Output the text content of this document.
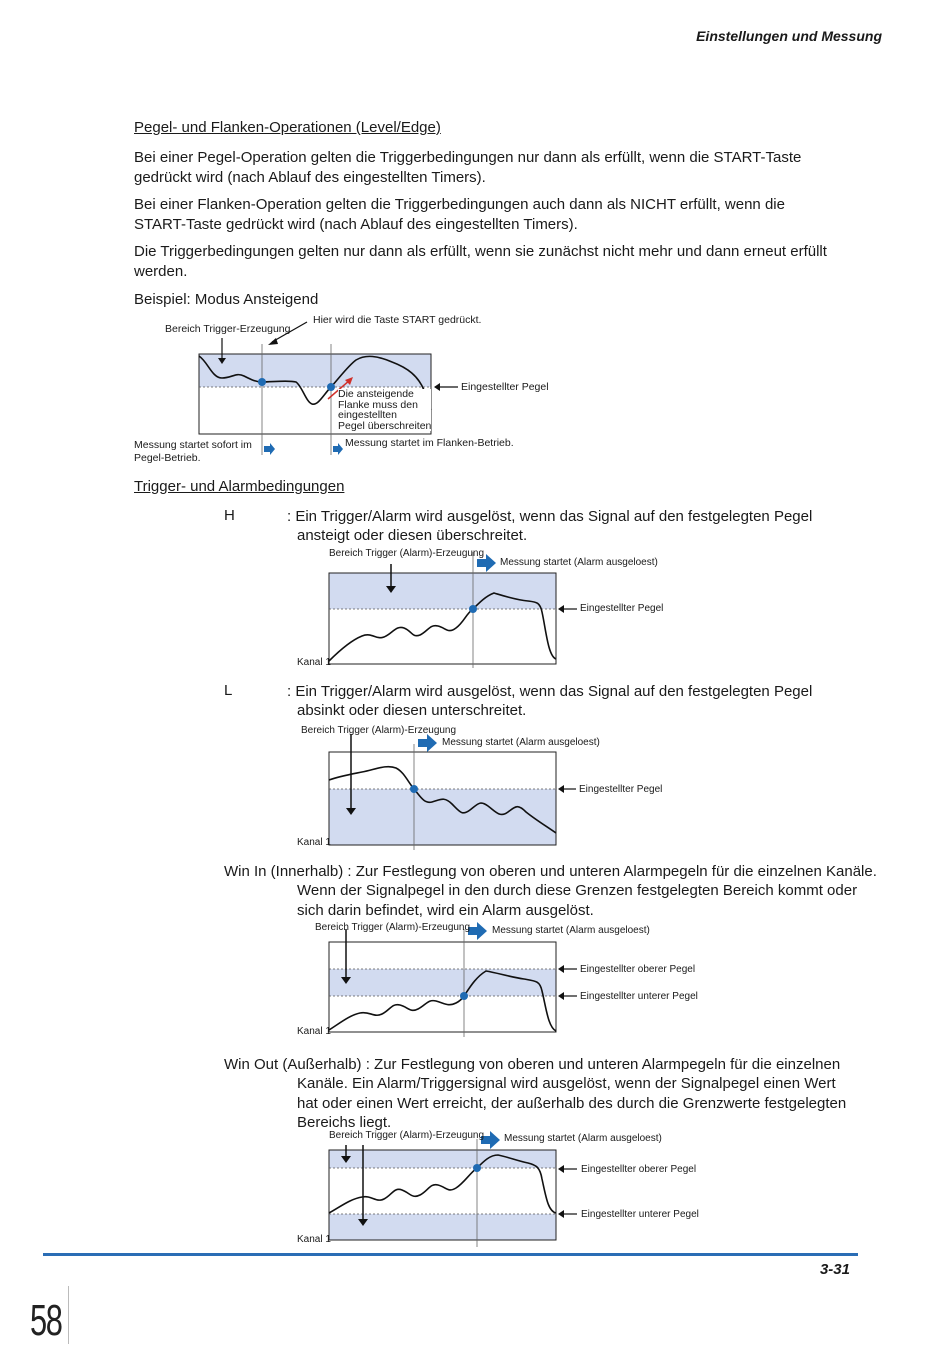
Einstellungen und Messung
Pegel- und Flanken-Operationen (Level/Edge)
Bei einer Pegel-Operation gelten die Triggerbedingungen nur dann als erfüllt, wenn die START-Taste gedrückt wird (nach Ablauf des eingestellten Timers).
Bei einer Flanken-Operation gelten die Triggerbedingungen auch dann als NICHT erfüllt, wenn die START-Taste gedrückt wird (nach Ablauf des eingestellten Timers).
Die Triggerbedingungen gelten nur dann als erfüllt, wenn sie zunächst nicht mehr und dann erneut erfüllt werden.
Beispiel: Modus Ansteigend
Bereich Trigger-Erzeugung
Hier wird die Taste START gedrückt.
Eingestellter Pegel
Die ansteigende
Flanke muss den
eingestellten
Pegel überschreiten
Messung startet sofort im
Pegel-Betrieb.
Messung startet im Flanken-Betrieb.
Trigger- und Alarmbedingungen
H	: Ein Trigger/Alarm wird ausgelöst, wenn das Signal auf den festgelegten Pegel
ansteigt oder diesen überschreitet.
Bereich Trigger (Alarm)-Erzeugung
Messung startet (Alarm ausgeloest)
Eingestellter Pegel
Kanal 1
L	: Ein Trigger/Alarm wird ausgelöst, wenn das Signal auf den festgelegten Pegel
absinkt oder diesen unterschreitet.
Bereich Trigger (Alarm)-Erzeugung
Messung startet (Alarm ausgeloest)
Eingestellter Pegel
Kanal 1
Win In (Innerhalb) : Zur Festlegung von oberen und unteren Alarmpegeln für die einzelnen Kanäle.
Wenn der Signalpegel in den durch diese Grenzen festgelegten Bereich kommt oder
sich darin befindet, wird ein Alarm ausgelöst.
Bereich Trigger (Alarm)-Erzeugung Messung startet (Alarm ausgeloest)
Eingestellter oberer Pegel
Eingestellter unterer Pegel
Kanal 1
Win Out (Außerhalb) : Zur Festlegung von oberen und unteren Alarmpegeln für die einzelnen
Kanäle. Ein Alarm/Triggersignal wird ausgelöst, wenn der Signalpegel einen Wert
hat oder einen Wert erreicht, der außerhalb des durch die Grenzwerte festgelegten
Bereichs liegt.
Bereich Trigger (Alarm)-Erzeugung Messung startet (Alarm ausgeloest)
Eingestellter oberer Pegel
Eingestellter unterer Pegel
Kanal 1
3-31
58
